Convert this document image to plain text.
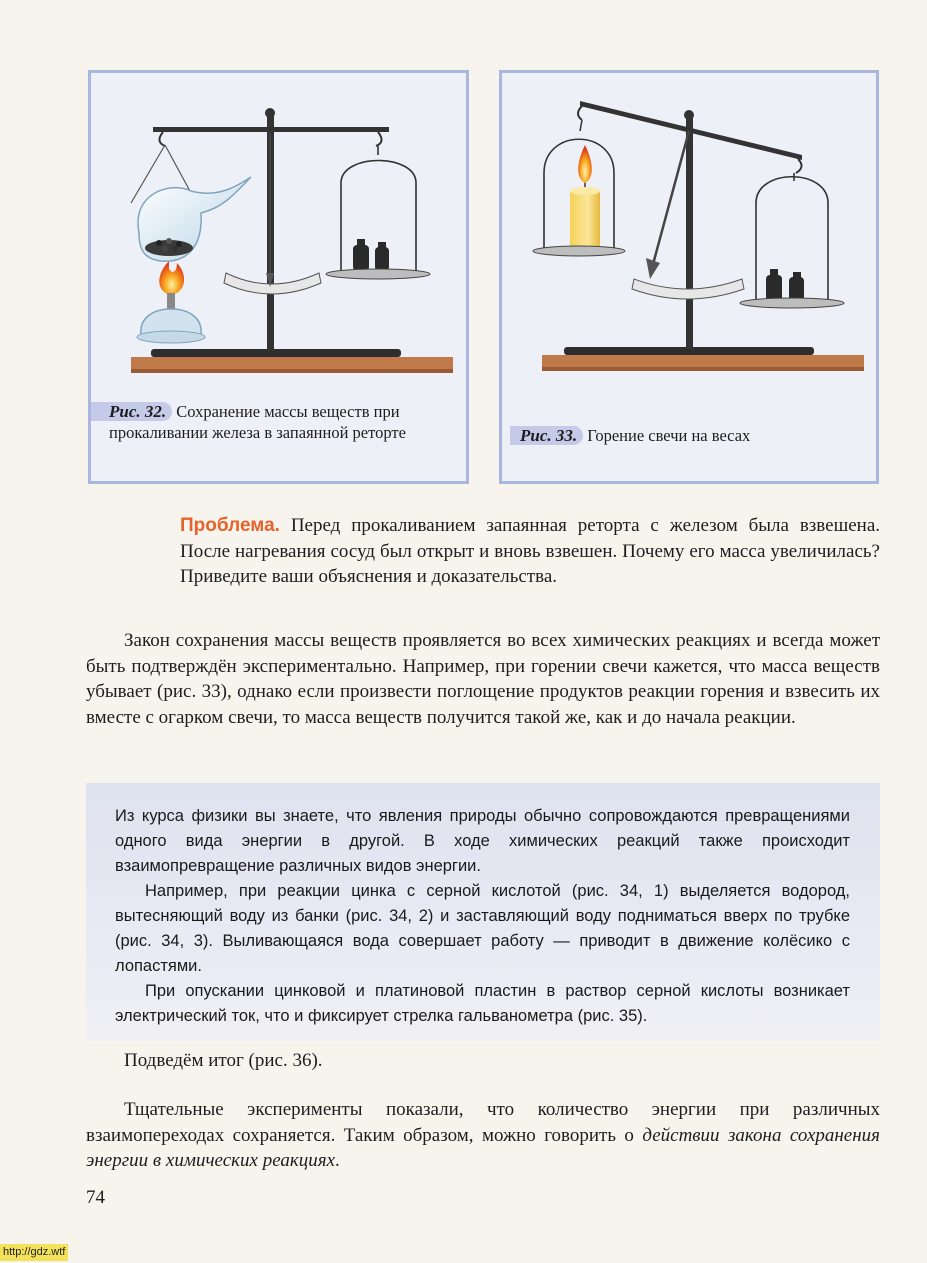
Рис. 32. Сохранение массы веществ при прокаливании железа в запаянной реторте	Рис. 33. Горение свечи на весах
Проблема. Перед прокаливанием запаянная реторта с железом была взвешена. После нагревания сосуд был открыт и вновь взвешен. Почему его масса увеличилась? Приведите ваши объяснения и доказательства.
Закон сохранения массы веществ проявляется во всех химических реакциях и всегда может быть подтверждён экспериментально. Например, при горении свечи кажется, что масса веществ убывает (рис. 33), однако если произвести поглощение продуктов реакции горения и взвесить их вместе с огарком свечи, то масса веществ получится такой же, как и до начала реакции.

Из курса физики вы знаете, что явления природы обычно сопровождаются превращениями одного вида энергии в другой. В ходе химических реакций также происходит взаимопревращение различных видов энергии.

Например, при реакции цинка с серной кислотой (рис. 34, 1) выделяется водород, вытесняющий воду из банки (рис. 34, 2) и заставляющий воду подниматься вверх по трубке (рис. 34, 3). Выливающаяся вода совершает работу — приводит в движение колёсико с лопастями.

При опускании цинковой и платиновой пластин в раствор серной кислоты возникает электрический ток, что и фиксирует стрелка гальванометра (рис. 35).

Подведём итог (рис. 36).
Тщательные эксперименты показали, что количество энергии при различных взаимопереходах сохраняется. Таким образом, можно говорить о действии закона сохранения энергии в химических реакциях.
74
http://gdz.wtf
